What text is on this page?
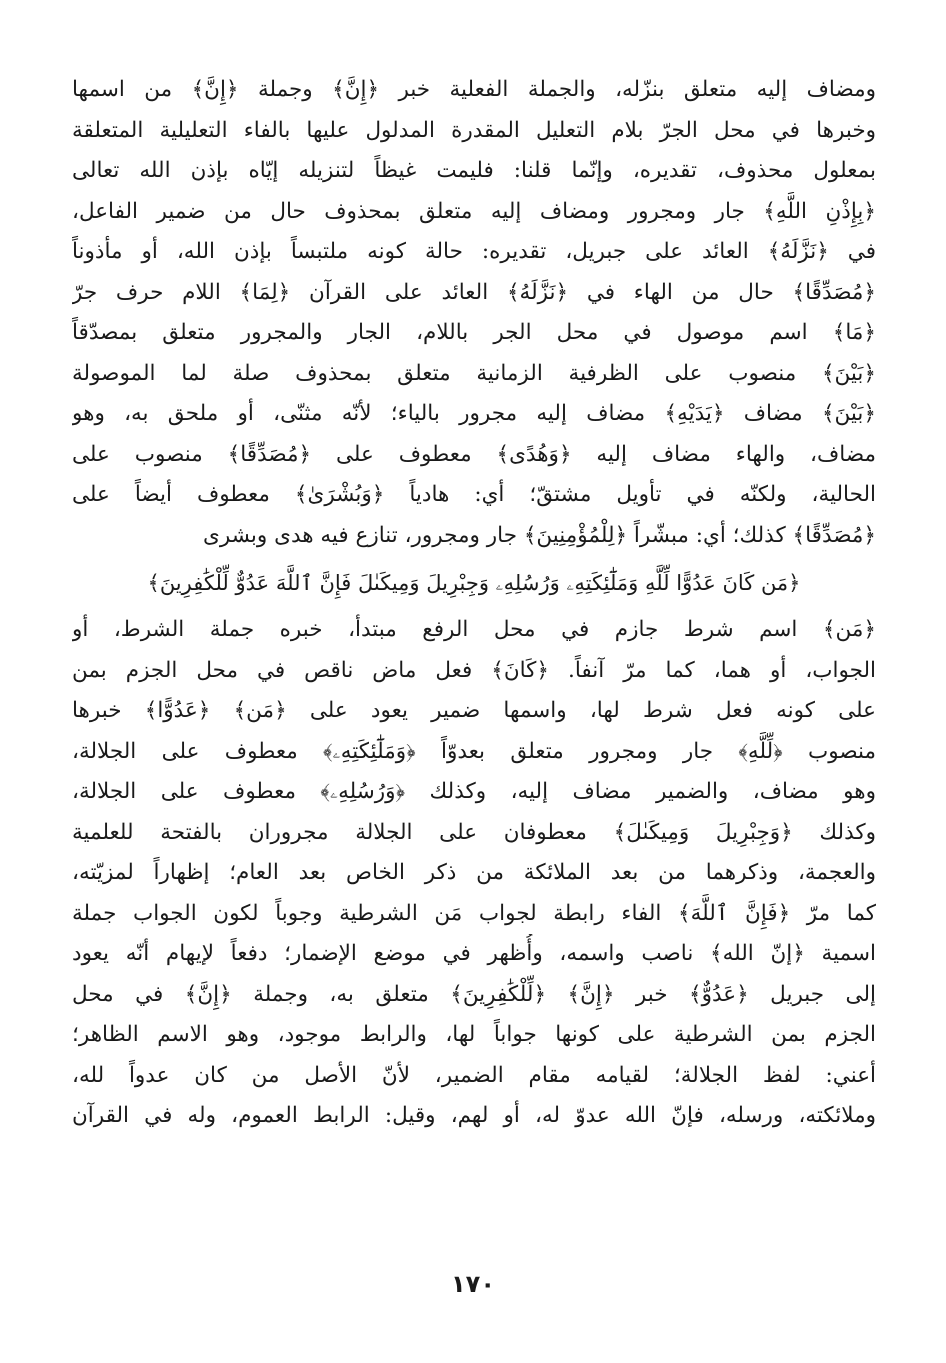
ومضاف إليه متعلق بنزّله، والجملة الفعلية خبر ﴿إِنَّ﴾ وجملة ﴿إِنَّ﴾ من اسمها
وخبرها في محل الجرّ بلام التعليل المقدرة المدلول عليها بالفاء التعليلية المتعلقة
بمعلول محذوف، تقديره، وإنّما قلنا: فليمت غيظاً لتنزيله إيّاه بإذن الله تعالى
﴿بِإِذْنِ اللَّهِ﴾ جار ومجرور ومضاف إليه متعلق بمحذوف حال من ضمير الفاعل،
في ﴿نَزَّلَهُ﴾ العائد على جبريل، تقديره: حالة كونه ملتبساً بإذن الله، أو مأذوناً
﴿مُصَدِّقًا﴾ حال من الهاء في ﴿نَزَّلَهُ﴾ العائد على القرآن ﴿لِمَا﴾ اللام حرف جرّ
﴿مَا﴾ اسم موصول في محل الجر باللام، الجار والمجرور متعلق بمصدّقاً
﴿بَيْنَ﴾ منصوب على الظرفية الزمانية متعلق بمحذوف صلة لما الموصولة
﴿بَيْنَ﴾ مضاف ﴿يَدَيْهِ﴾ مضاف إليه مجرور بالياء؛ لأنّه مثنّى، أو ملحق به، وهو
مضاف، والهاء مضاف إليه ﴿وَهُدًى﴾ معطوف على ﴿مُصَدِّقًا﴾ منصوب على
الحالية، ولكنّه في تأويل مشتقّ؛ أي: هادياً ﴿وَبُشْرَىٰ﴾ معطوف أيضاً على
﴿مُصَدِّقًا﴾ كذلك؛ أي: مبشّراً ﴿لِلْمُؤْمِنِينَ﴾ جار ومجرور، تنازع فيه هدى وبشرى
﴿مَن كَانَ عَدُوًّا لِّلَّهِ وَمَلَٰٓئِكَتِهِۦ وَرُسُلِهِۦ وَجِبْرِيلَ وَمِيكَىٰلَ فَإِنَّ ٱللَّهَ عَدُوٌّ لِّلْكَٰفِرِينَ﴾
﴿مَن﴾ اسم شرط جازم في محل الرفع مبتدأ، خبره جملة الشرط، أو
الجواب، أو هما، كما مرّ آنفاً. ﴿كَانَ﴾ فعل ماض ناقص في محل الجزم بمن
على كونه فعل شرط لها، واسمها ضمير يعود على ﴿مَن﴾ ﴿عَدُوًّا﴾ خبرها
منصوب ﴿لِّلَّهِ﴾ جار ومجرور متعلق بعدوّاً ﴿وَمَلَٰٓئِكَتِهِۦ﴾ معطوف على الجلالة،
وهو مضاف، والضمير مضاف إليه، وكذلك ﴿وَرُسُلِهِۦ﴾ معطوف على الجلالة،
وكذلك ﴿وَجِبْرِيلَ وَمِيكَىٰلَ﴾ معطوفان على الجلالة مجروران بالفتحة للعلمية
والعجمة، وذكرهما من بعد الملائكة من ذكر الخاص بعد العام؛ إظهاراً لمزيّته،
كما مرّ ﴿فَإِنَّ ٱللَّهَ﴾ الفاء رابطة لجواب مَن الشرطية وجوباً لكون الجواب جملة
اسمية ﴿إنّ الله﴾ ناصب واسمه، وأُظهر في موضع الإضمار؛ دفعاً لإيهام أنّه يعود
إلى جبريل ﴿عَدُوٌّ﴾ خبر ﴿إِنَّ﴾ ﴿لِّلْكَٰفِرِينَ﴾ متعلق به، وجملة ﴿إِنَّ﴾ في محل
الجزم بمن الشرطية على كونها جواباً لها، والرابط موجود، وهو الاسم الظاهر؛
أعني: لفظ الجلالة؛ لقيامه مقام الضمير، لأنّ الأصل من كان عدواً لله،
وملائكته، ورسله، فإنّ الله عدوّ له، أو لهم، وقيل: الرابط العموم، وله في القرآن
١٧٠
